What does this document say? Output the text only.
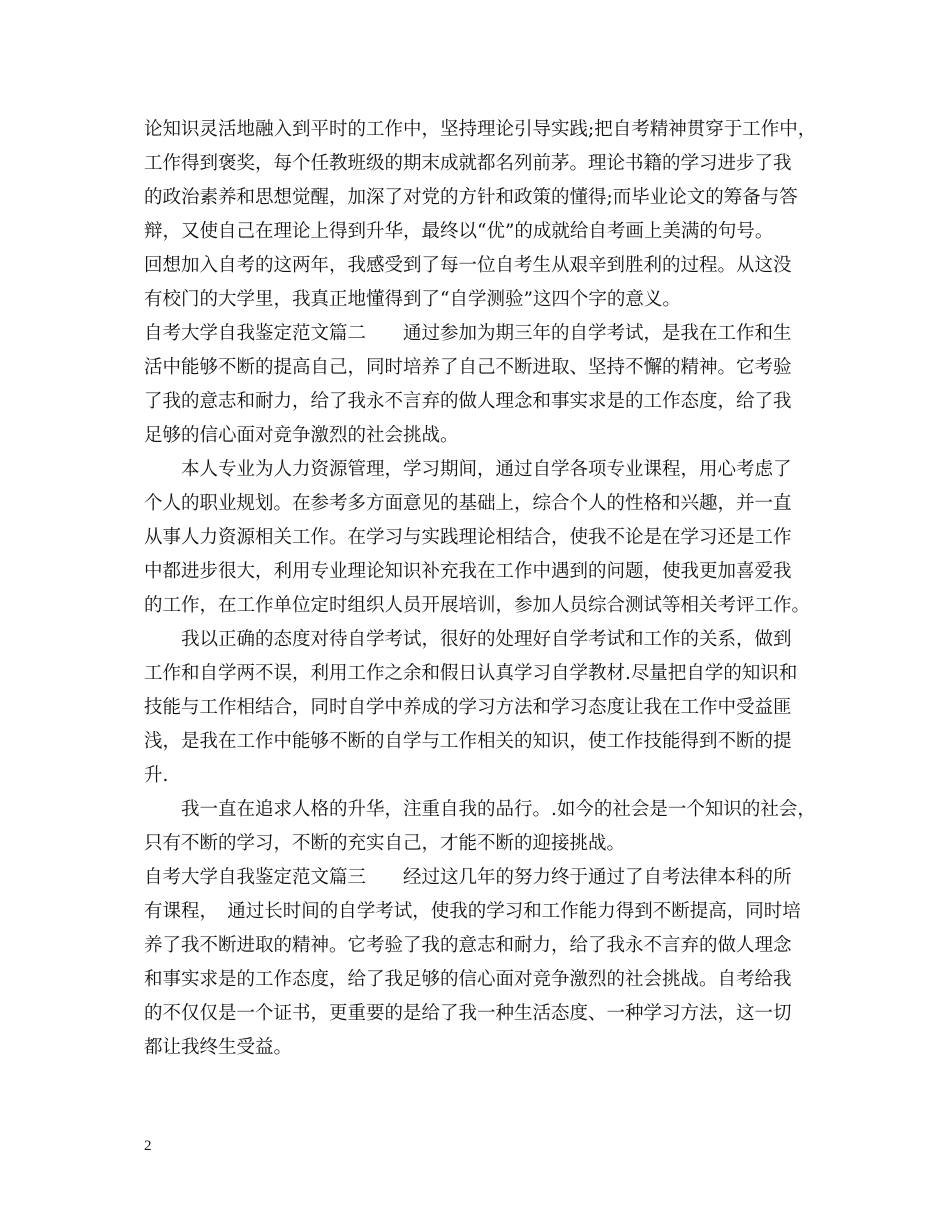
论知识灵活地融入到平时的工作中，坚持理论引导实践;把自考精神贯穿于工作中，
工作得到褒奖，每个任教班级的期末成就都名列前茅。理论书籍的学习进步了我
的政治素养和思想觉醒，加深了对党的方针和政策的懂得;而毕业论文的筹备与答
辩，又使自己在理论上得到升华，最终以“优”的成就给自考画上美满的句号。
回想加入自考的这两年，我感受到了每一位自考生从艰辛到胜利的过程。从这没
有校门的大学里，我真正地懂得到了“自学测验”这四个字的意义。
自考大学自我鉴定范文篇二　　通过参加为期三年的自学考试，是我在工作和生
活中能够不断的提高自己，同时培养了自己不断进取、坚持不懈的精神。它考验
了我的意志和耐力，给了我永不言弃的做人理念和事实求是的工作态度，给了我
足够的信心面对竞争激烈的社会挑战。
　　本人专业为人力资源管理，学习期间，通过自学各项专业课程，用心考虑了
个人的职业规划。在参考多方面意见的基础上，综合个人的性格和兴趣，并一直
从事人力资源相关工作。在学习与实践理论相结合，使我不论是在学习还是工作
中都进步很大，利用专业理论知识补充我在工作中遇到的问题，使我更加喜爱我
的工作，在工作单位定时组织人员开展培训，参加人员综合测试等相关考评工作。
　　我以正确的态度对待自学考试，很好的处理好自学考试和工作的关系，做到
工作和自学两不误，利用工作之余和假日认真学习自学教材.尽量把自学的知识和
技能与工作相结合，同时自学中养成的学习方法和学习态度让我在工作中受益匪
浅，是我在工作中能够不断的自学与工作相关的知识，使工作技能得到不断的提
升.
　　我一直在追求人格的升华，注重自我的品行。.如今的社会是一个知识的社会，
只有不断的学习，不断的充实自己，才能不断的迎接挑战。
自考大学自我鉴定范文篇三　　经过这几年的努力终于通过了自考法律本科的所
有课程，　通过长时间的自学考试，使我的学习和工作能力得到不断提高，同时培
养了我不断进取的精神。它考验了我的意志和耐力，给了我永不言弃的做人理念
和事实求是的工作态度，给了我足够的信心面对竞争激烈的社会挑战。自考给我
的不仅仅是一个证书，更重要的是给了我一种生活态度、一种学习方法，这一切
都让我终生受益。
2
